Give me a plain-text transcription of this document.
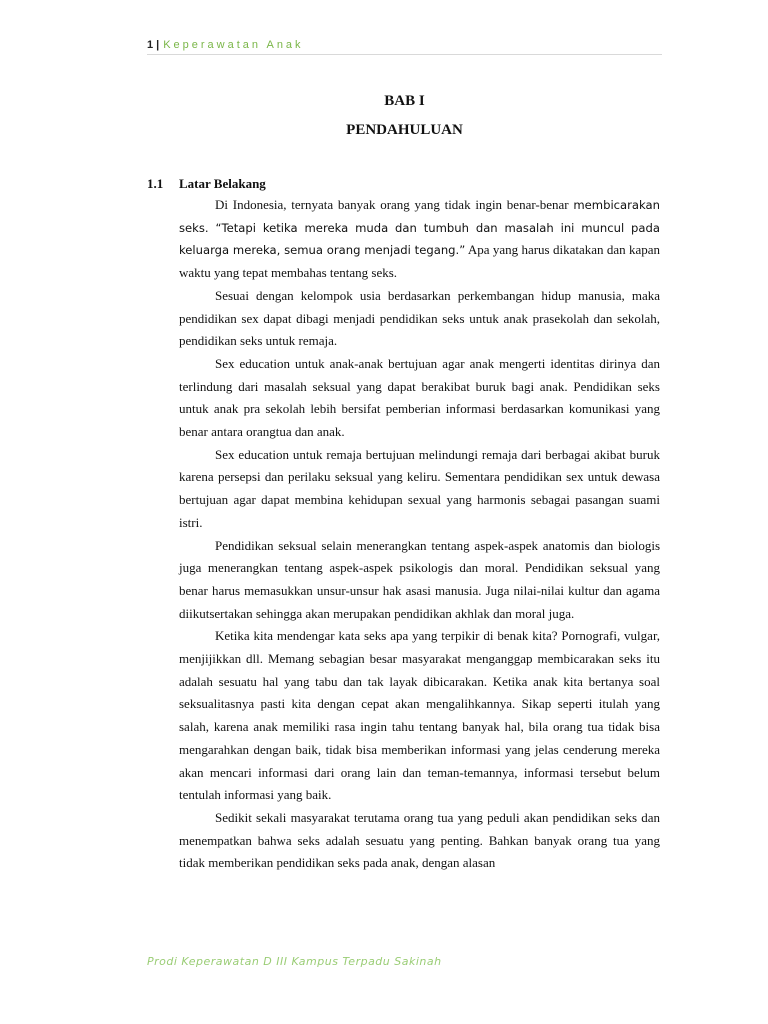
1 | Keperawatan Anak
BAB I
PENDAHULUAN
1.1 Latar Belakang

Di Indonesia, ternyata banyak orang yang tidak ingin benar-benar membicarakan seks. “Tetapi ketika mereka muda dan tumbuh dan masalah ini muncul pada keluarga mereka, semua orang menjadi tegang.” Apa yang harus dikatakan dan kapan waktu yang tepat membahas tentang seks.

Sesuai dengan kelompok usia berdasarkan perkembangan hidup manusia, maka pendidikan sex dapat dibagi menjadi pendidikan seks untuk anak prasekolah dan sekolah, pendidikan seks untuk remaja.

Sex education untuk anak-anak bertujuan agar anak mengerti identitas dirinya dan terlindung dari masalah seksual yang dapat berakibat buruk bagi anak. Pendidikan seks untuk anak pra sekolah lebih bersifat pemberian informasi berdasarkan komunikasi yang benar antara orangtua dan anak.

Sex education untuk remaja bertujuan melindungi remaja dari berbagai akibat buruk karena persepsi dan perilaku seksual yang keliru. Sementara pendidikan sex untuk dewasa bertujuan agar dapat membina kehidupan sexual yang harmonis sebagai pasangan suami istri.

Pendidikan seksual selain menerangkan tentang aspek-aspek anatomis dan biologis juga menerangkan tentang aspek-aspek psikologis dan moral. Pendidikan seksual yang benar harus memasukkan unsur-unsur hak asasi manusia. Juga nilai-nilai kultur dan agama diikutsertakan sehingga akan merupakan pendidikan akhlak dan moral juga.

Ketika kita mendengar kata seks apa yang terpikir di benak kita? Pornografi, vulgar, menjijikkan dll. Memang sebagian besar masyarakat menganggap membicarakan seks itu adalah sesuatu hal yang tabu dan tak layak dibicarakan. Ketika anak kita bertanya soal seksualitasnya pasti kita dengan cepat akan mengalihkannya. Sikap seperti itulah yang salah, karena anak memiliki rasa ingin tahu tentang banyak hal, bila orang tua tidak bisa mengarahkan dengan baik, tidak bisa memberikan informasi yang jelas cenderung mereka akan mencari informasi dari orang lain dan teman-temannya, informasi tersebut belum tentulah informasi yang baik.

Sedikit sekali masyarakat terutama orang tua yang peduli akan pendidikan seks dan menempatkan bahwa seks adalah sesuatu yang penting. Bahkan banyak orang tua yang tidak memberikan pendidikan seks pada anak, dengan alasan

Prodi Keperawatan D III Kampus Terpadu Sakinah
